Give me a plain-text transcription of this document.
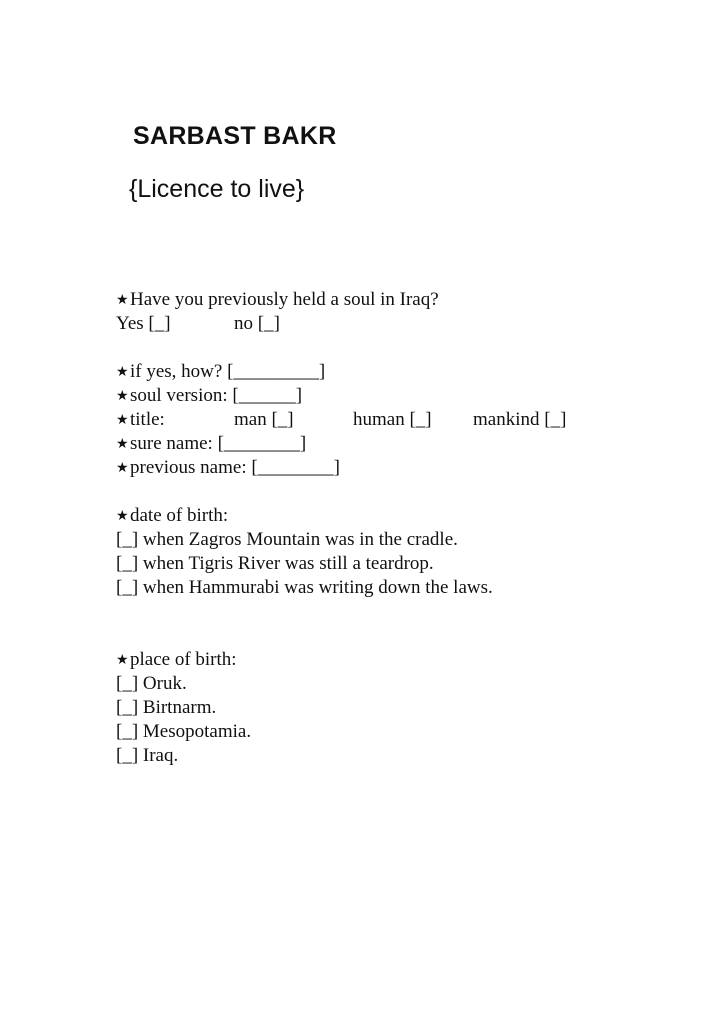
SARBAST BAKR
{Licence to live}
★Have you previously held a soul in Iraq?
Yes [_]	no [_]
★if yes, how? [_________]
★soul version: [______]
★title:	man [_]	human [_] mankind [_]
★sure name: [________]
★previous name: [________]
★date of birth:
[_] when Zagros Mountain was in the cradle.
[_] when Tigris River was still a teardrop.
[_] when Hammurabi was writing down the laws.
★place of birth:
[_] Oruk.
[_] Birtnarm.
[_] Mesopotamia.
[_] Iraq.
